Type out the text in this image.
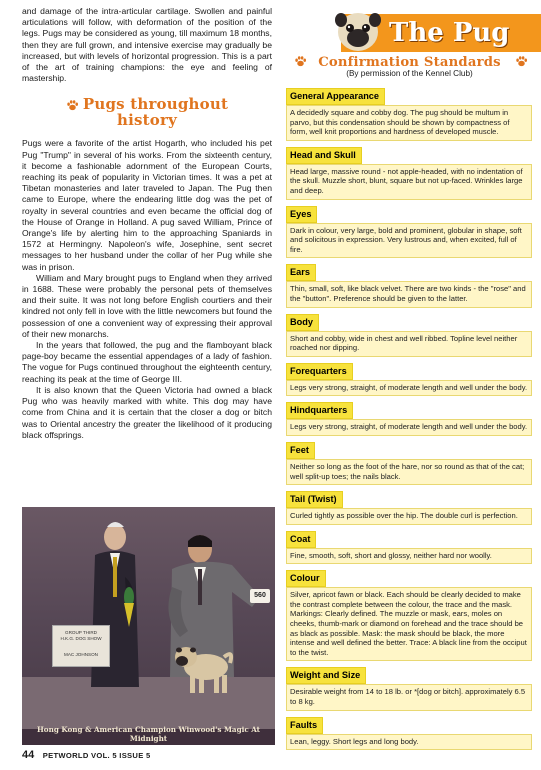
and damage of the intra-articular cartilage. Swollen and painful articulations will follow, with deformation of the position of the legs. Pugs may be considered as young, till maximum 18 months, then they are full grown, and intensive exercise may gradually be increased, but with levels of horizontal progression. This is a part of the art of training champions: the eye and feeling of mastership.

Pugs throughout
history

Pugs were a favorite of the artist Hogarth, who included his pet Pug "Trump" in several of his works. From the sixteenth century, it become a fashionable adornment of the European Courts, reaching its peak of popularity in Victorian times. It was a pet at Tibetan monasteries and later traveled to Japan. The Pug then came to Europe, where the endearing little dog was the pet of royalty in several countries and even became the official dog of the House of Orange in Holland. A pug saved William, Prince of Orange's life by alerting him to the approaching Spaniards in 1572 at Hermingny. Napoleon's wife, Josephine, sent secret messages to her husband under the collar of her Pug while she was in prison.

William and Mary brought pugs to England when they arrived in 1688. These were probably the personal pets of themselves and their suite. It was not long before English courtiers and their kindred not only fell in love with the little newcomers but found the possession of one a convenient way of expressing their approval of their new monarchs.

In the years that followed, the pug and the flamboyant black page-boy became the essential appendages of a lady of fashion. The vogue for Pugs continued throughout the eighteenth century, reaching its peak at the time of George III.

It is also known that the Queen Victoria had owned a black Pug who was heavily marked with white. This dog may have come from China and it is certain that the closer a dog or bitch was to Oriental ancestry the greater the likelihood of it producing black offsprings.

560
GROUP THIRD
H.K.G. DOG SHOW
MAC JOHNSON
Hong Kong & American Champion Winwood's Magic At Midnight
44 PETWORLD VOL. 5 ISSUE 5
The Pug
Confirmation Standards
(By permission of the Kennel Club)
General Appearance
A decidedly square and cobby dog. The pug should be multum in parvo, but this condensation should be shown by compactness of form, well knit proportions and hardness of developed muscle.
Head and Skull
Head large, massive round - not apple-headed, with no indentation of the skull. Muzzle short, blunt, square but not up-faced. Wrinkles large and deep.
Eyes
Dark in colour, very large, bold and prominent, globular in shape, soft and solicitous in expression. Very lustrous and, when excited, full of fire.
Ears
Thin, small, soft, like black velvet. There are two kinds - the "rose" and the "button". Preference should be given to the latter.
Body
Short and cobby, wide in chest and well ribbed. Topline level neither roached nor dipping.
Forequarters
Legs very strong, straight, of moderate length and well under the body.
Hindquarters
Legs very strong, straight, of moderate length and well under the body.
Feet
Neither so long as the foot of the hare, nor so round as that of the cat; well split-up toes; the nails black.
Tail (Twist)
Curled tightly as possible over the hip. The double curl is perfection.
Coat
Fine, smooth, soft, short and glossy, neither hard nor woolly.
Colour
Silver, apricot fawn or black. Each should be clearly decided to make the contrast complete between the colour, the trace and the mask. Markings: Clearly defined. The muzzle or mask, ears, moles on cheeks, thumb-mark or diamond on forehead and the trace should be as black as possible. Mask: the mask should be black, the more intense and well defined the better. Trace: A black line from the occiput to the twist.
Weight and Size
Desirable weight from 14 to 18 lb. or *[dog or bitch]. approximately 6.5 to 8 kg.
Faults
Lean, leggy. Short legs and long body.
